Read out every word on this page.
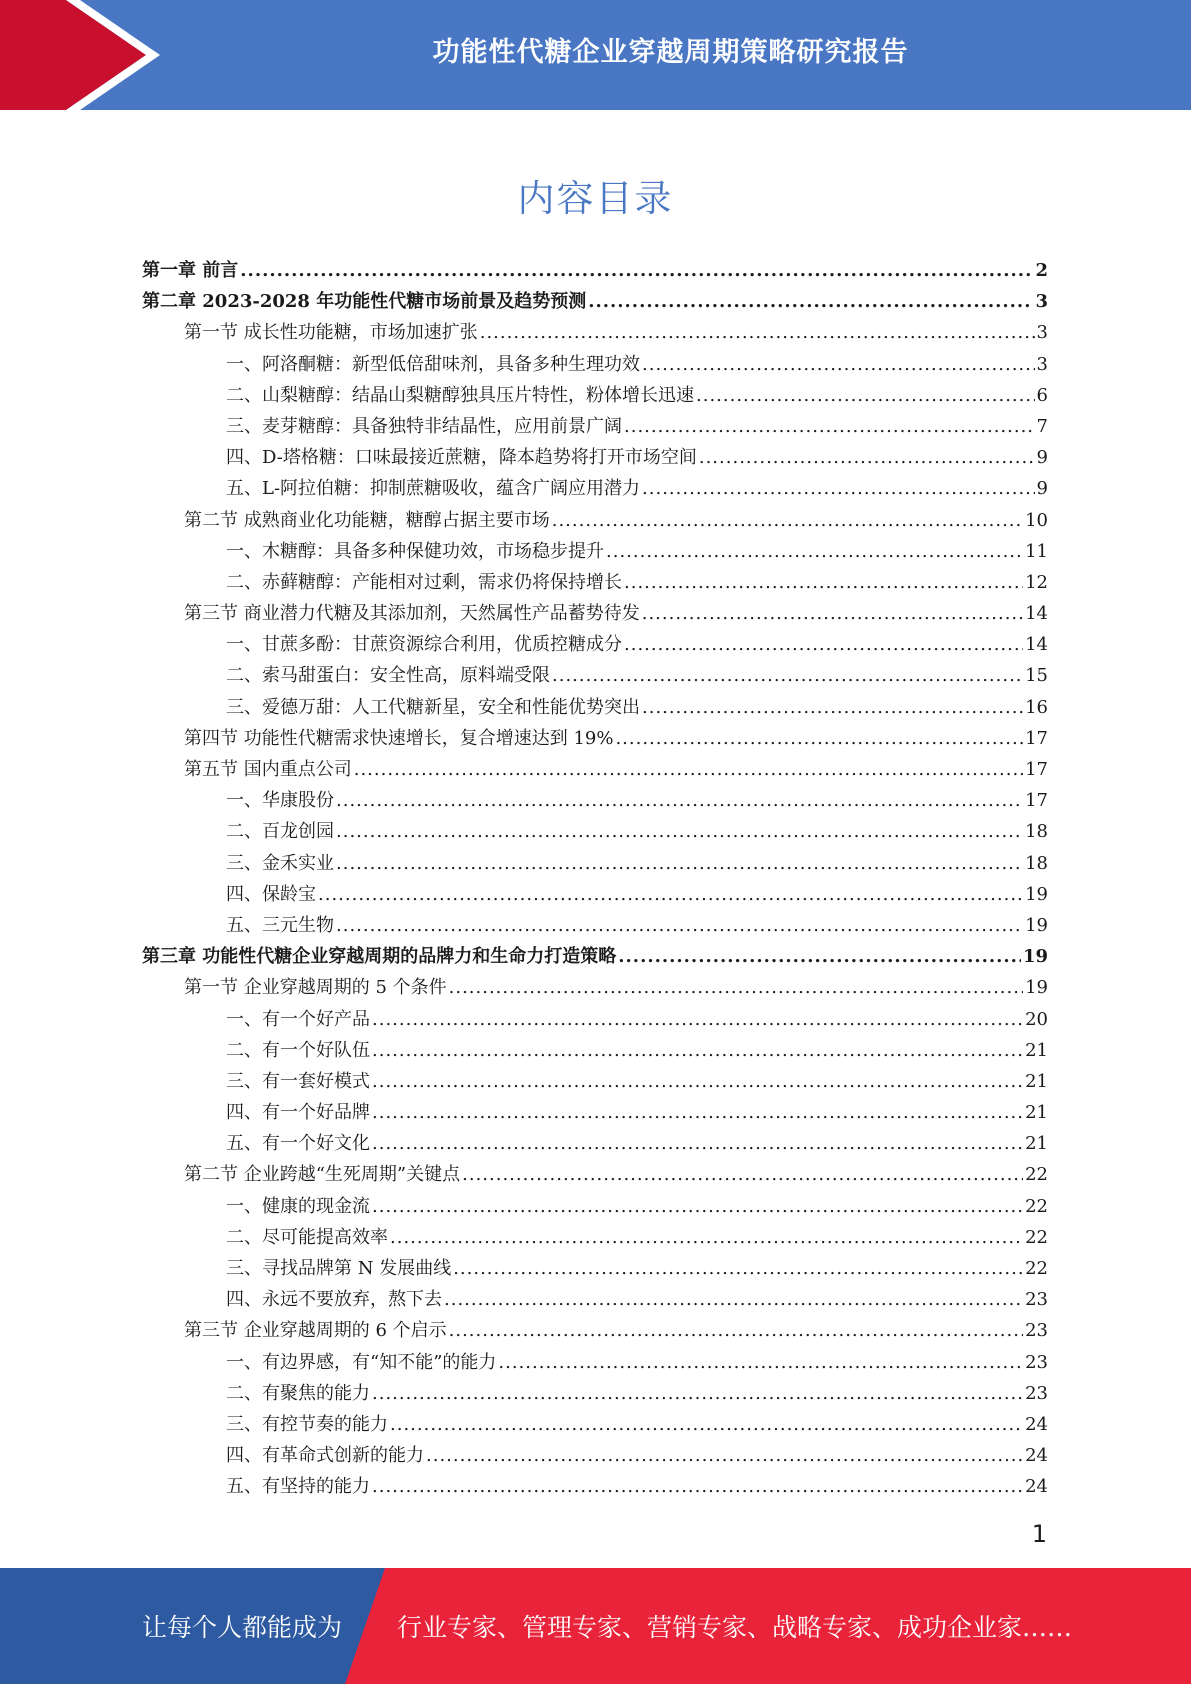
功能性代糖企业穿越周期策略研究报告
内容目录
第一章 前言 .....	2
第二章 2023-2028 年功能性代糖市场前景及趋势预测 .....	3
第一节 成长性功能糖，市场加速扩张 .....	3
一、阿洛酮糖：新型低倍甜味剂，具备多种生理功效 .....	3
二、山梨糖醇：结晶山梨糖醇独具压片特性，粉体增长迅速 .....	6
三、麦芽糖醇：具备独特非结晶性，应用前景广阔 .....	7
四、D-塔格糖：口味最接近蔗糖，降本趋势将打开市场空间 .....	9
五、L-阿拉伯糖：抑制蔗糖吸收，蕴含广阔应用潜力 .....	9
第二节 成熟商业化功能糖，糖醇占据主要市场 .....	10
一、木糖醇：具备多种保健功效，市场稳步提升 .....	11
二、赤藓糖醇：产能相对过剩，需求仍将保持增长 .....	12
第三节 商业潜力代糖及其添加剂，天然属性产品蓄势待发 .....	14
一、甘蔗多酚：甘蔗资源综合利用，优质控糖成分 .....	14
二、索马甜蛋白：安全性高，原料端受限 .....	15
三、爱德万甜：人工代糖新星，安全和性能优势突出 .....	16
第四节 功能性代糖需求快速增长，复合增速达到 19% .....	17
第五节 国内重点公司 .....	17
一、华康股份 .....	17
二、百龙创园 .....	18
三、金禾实业 .....	18
四、保龄宝 .....	19
五、三元生物 .....	19
第三章 功能性代糖企业穿越周期的品牌力和生命力打造策略 .....	19
第一节 企业穿越周期的 5 个条件 .....	19
一、有一个好产品 .....	20
二、有一个好队伍 .....	21
三、有一套好模式 .....	21
四、有一个好品牌 .....	21
五、有一个好文化 .....	21
第二节 企业跨越“生死周期”关键点 .....	22
一、健康的现金流 .....	22
二、尽可能提高效率 .....	22
三、寻找品牌第 N 发展曲线 .....	22
四、永远不要放弃，熬下去 .....	23
第三节 企业穿越周期的 6 个启示 .....	23
一、有边界感，有“知不能”的能力 .....	23
二、有聚焦的能力 .....	23
三、有控节奏的能力 .....	24
四、有革命式创新的能力 .....	24
五、有坚持的能力 .....	24
1
让每个人都能成为 行业专家、管理专家、营销专家、战略专家、成功企业家……
